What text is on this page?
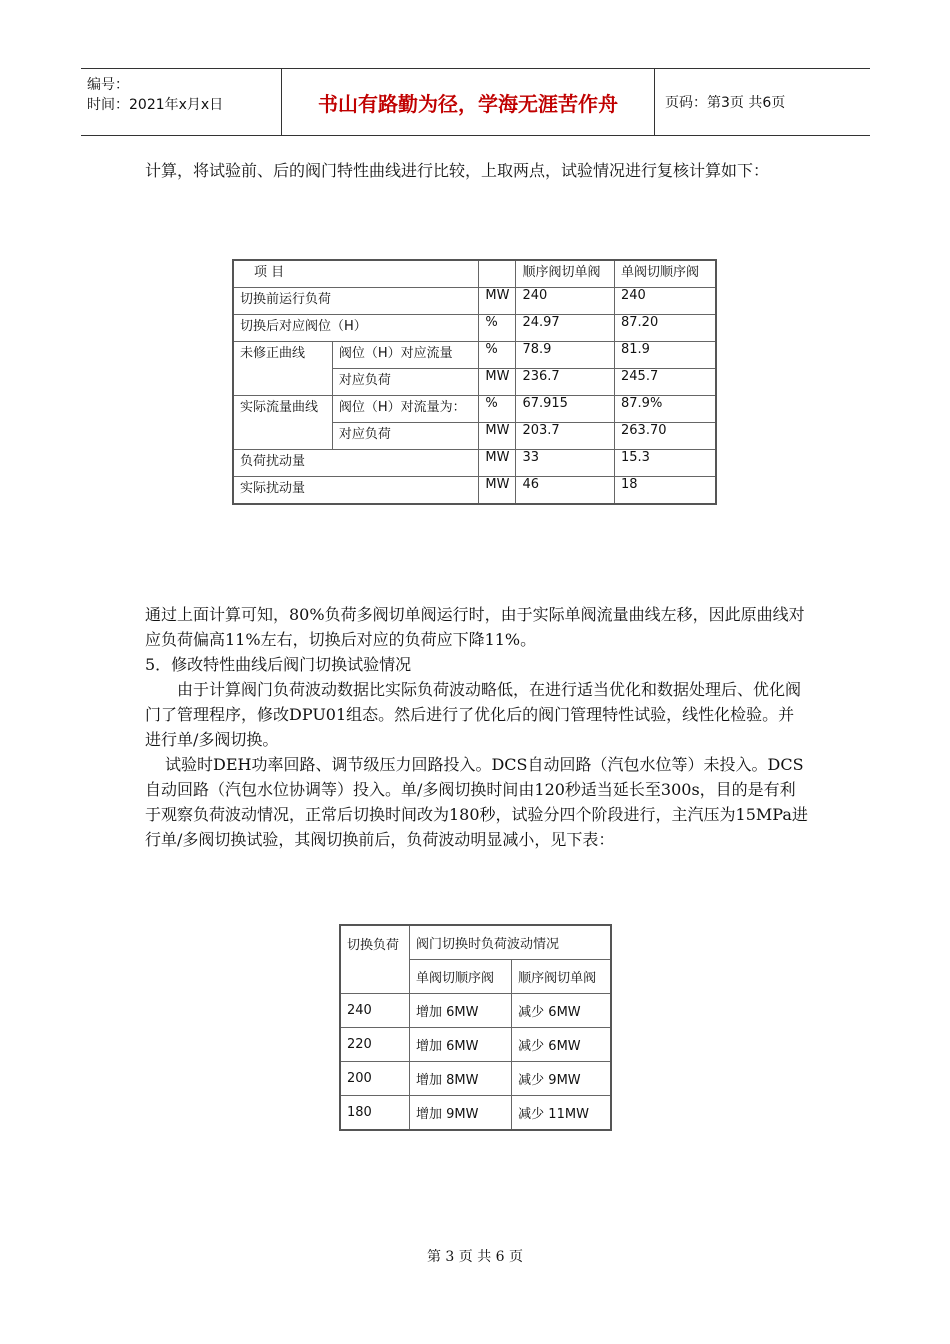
编号：
时间：2021年x月x日	书山有路勤为径，学海无涯苦作舟	页码：第3页 共6页

计算，将试验前、后的阀门特性曲线进行比较，上取两点，试验情况进行复核计算如下：

项 目			顺序阀切单阀	单阀切顺序阀
切换前运行负荷		MW	240	240
切换后对应阀位（H）		%	24.97	87.20
未修正曲线	阀位（H）对应流量	%	78.9	81.9
	对应负荷	MW	236.7	245.7
实际流量曲线	阀位（H）对流量为：	%	67.915	87.9%
	对应负荷	MW	203.7	263.70
负荷扰动量		MW	33	15.3
实际扰动量		MW	46	18

通过上面计算可知，80%负荷多阀切单阀运行时，由于实际单阀流量曲线左移，因此原曲线对应负荷偏高11%左右，切换后对应的负荷应下降11%。

5．修改特性曲线后阀门切换试验情况

由于计算阀门负荷波动数据比实际负荷波动略低，在进行适当优化和数据处理后、优化阀门了管理程序，修改DPU01组态。然后进行了优化后的阀门管理特性试验，线性化检验。并进行单/多阀切换。

试验时DEH功率回路、调节级压力回路投入。DCS自动回路（汽包水位等）未投入。DCS自动回路（汽包水位协调等）投入。单/多阀切换时间由120秒适当延长至300s，目的是有利于观察负荷波动情况，正常后切换时间改为180秒，试验分四个阶段进行，主汽压为15MPa进行单/多阀切换试验，其阀切换前后，负荷波动明显减小，见下表：

切换负荷	阀门切换时负荷波动情况	
	单阀切顺序阀	顺序阀切单阀
240	增加 6MW	减少 6MW
220	增加 6MW	减少 6MW
200	增加 8MW	减少 9MW
180	增加 9MW	减少 11MW
第 3 页 共 6 页
